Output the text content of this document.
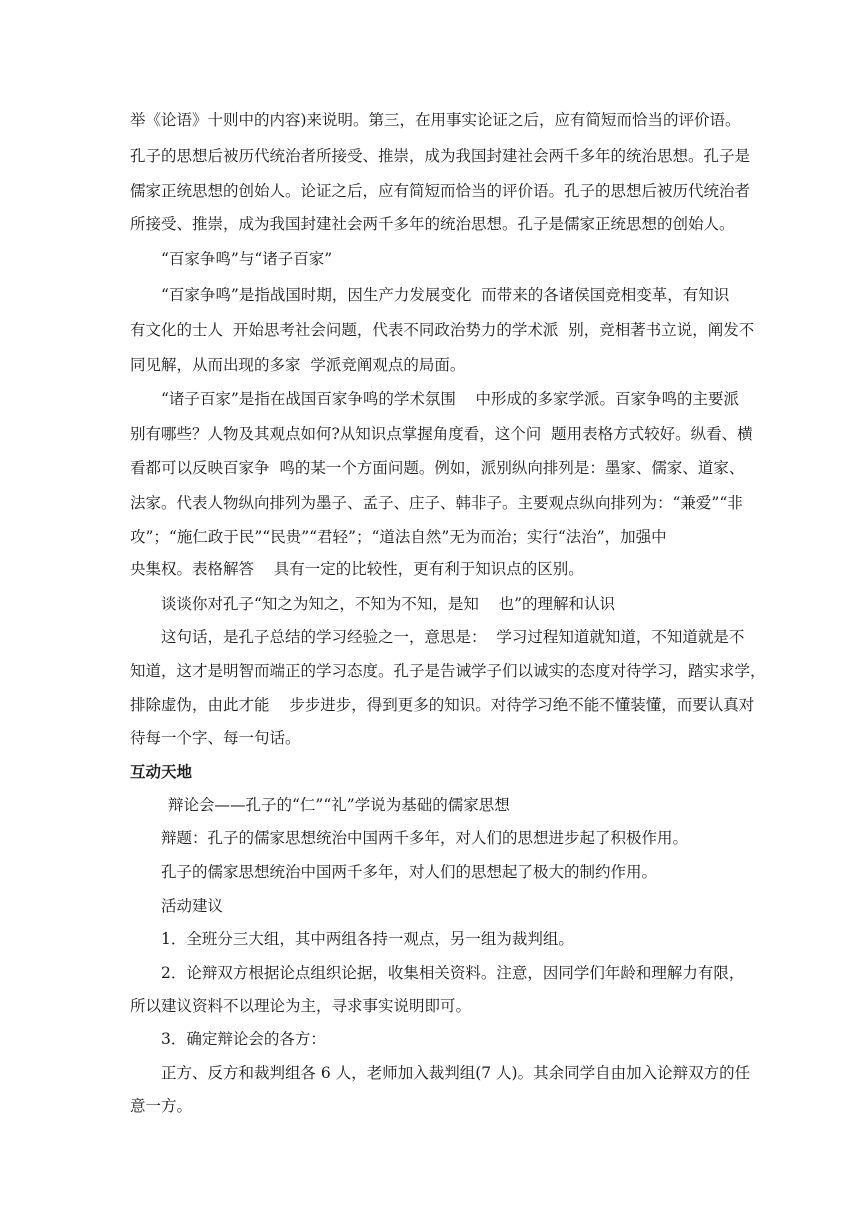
举《论语》十则中的内容)来说明。第三，在用事实论证之后，应有简短而恰当的评价语。
孔子的思想后被历代统治者所接受、推崇，成为我国封建社会两千多年的统治思想。孔子是
儒家正统思想的创始人。论证之后，应有简短而恰当的评价语。孔子的思想后被历代统治者
所接受、推崇，成为我国封建社会两千多年的统治思想。孔子是儒家正统思想的创始人。
“百家争鸣”与“诸子百家”
“百家争鸣”是指战国时期，因生产力发展变化  而带来的各诸侯国竞相变革，有知识
有文化的士人  开始思考社会问题，代表不同政治势力的学术派  别，竞相著书立说，阐发不
同见解，从而出现的多家  学派竞阐观点的局面。
“诸子百家”是指在战国百家争鸣的学术氛围    中形成的多家学派。百家争鸣的主要派
别有哪些？人物及其观点如何?从知识点掌握角度看，这个问  题用表格方式较好。纵看、横
看都可以反映百家争  鸣的某一个方面问题。例如，派别纵向排列是：墨家、儒家、道家、
法家。代表人物纵向排列为墨子、孟子、庄子、韩非子。主要观点纵向排列为：“兼爱”“非
攻”；“施仁政于民”“民贵”“君轻”；“道法自然”无为而治；实行“法治”，加强中
央集权。表格解答    具有一定的比较性，更有利于知识点的区别。
谈谈你对孔子“知之为知之，不知为不知，是知    也”的理解和认识
这句话，是孔子总结的学习经验之一，意思是：  学习过程知道就知道，不知道就是不
知道，这才是明智而端正的学习态度。孔子是告诫学子们以诚实的态度对待学习，踏实求学，
排除虚伪，由此才能    步步进步，得到更多的知识。对待学习绝不能不懂装懂，而要认真对
待每一个字、每一句话。
互动天地
辩论会——孔子的“仁”“礼”学说为基础的儒家思想
辩题：孔子的儒家思想统治中国两千多年，对人们的思想进步起了积极作用。
孔子的儒家思想统治中国两千多年，对人们的思想起了极大的制约作用。
活动建议
1．全班分三大组，其中两组各持一观点，另一组为裁判组。
2．论辩双方根据论点组织论据，收集相关资料。注意，因同学们年龄和理解力有限，
所以建议资料不以理论为主，寻求事实说明即可。
3．确定辩论会的各方：
正方、反方和裁判组各 6 人，老师加入裁判组(7 人)。其余同学自由加入论辩双方的任
意一方。
